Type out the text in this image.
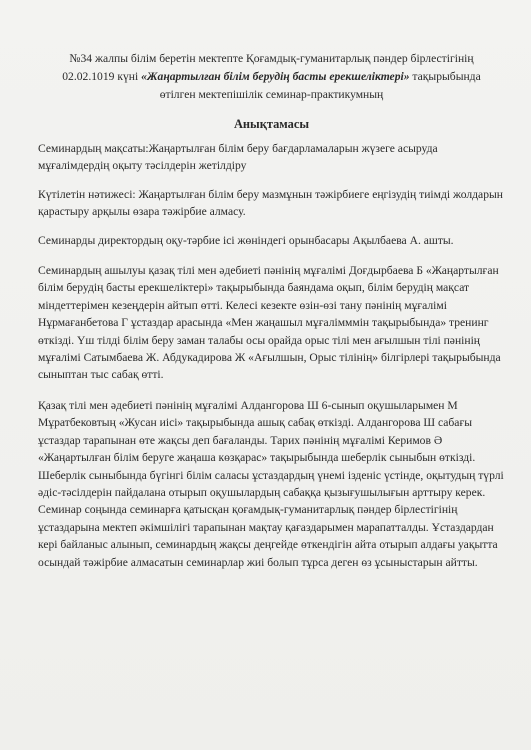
№34 жалпы білім беретін мектепте Қоғамдық-гуманитарлық пәндер бірлестігінің
02.02.1019 күні «Жаңартылған білім берудің басты ерекшеліктері» тақырыбында
өтілген мектепішілік семинар-практикумның
Анықтамасы

Семинардың мақсаты:Жаңартылған білім беру бағдарламаларын жүзеге асыруда мұғалімдердің оқыту тәсілдерін жетілдіру

Күтілетін нәтижесі: Жаңартылған білім беру мазмұнын тәжірбиеге еңгізудің тиімді жолдарын қарастыру арқылы өзара тәжірбие алмасу.

Семинарды директордың оқу-тәрбие ісі жөніндегі орынбасары Ақылбаева А. ашты.

Семинардың ашылуы қазақ тілі мен әдебиеті пәнінің мұғалімі Доғдырбаева Б «Жаңартылған білім берудің басты ерекшеліктері» тақырыбында баяндама оқып, білім берудің мақсат міндеттерімен кезеңдерін айтып өтті. Келесі кезекте өзін-өзі тану пәнінің мұғалімі Нұрмағанбетова Г ұстаздар арасында «Мен жаңашыл мұғалімммін тақырыбында» тренинг өткізді. Үш тілді білім беру заман талабы осы орайда орыс тілі мен ағылшын тілі пәнінің мұғалімі Сатымбаева Ж. Абдукадирова Ж «Ағылшын, Орыс тілінің» білгірлері тақырыбында сыныптан тыс сабақ өтті.

Қазақ тілі мен әдебиеті пәнінің мұғалімі Алдангорова Ш 6-сынып оқушыларымен М Мұратбековтың «Жусан иісі» тақырыбында ашық сабақ өткізді. Алдангорова Ш сабағы ұстаздар тарапынан өте жақсы деп бағаланды. Тарих пәнінің мұғалімі Керимов Ә «Жаңартылған білім беруге жаңаша көзқарас» тақырыбында шеберлік сыныбын өткізді. Шеберлік сыныбында бүгінгі білім саласы ұстаздардың үнемі ізденіс үстінде, оқытудың түрлі әдіс-тәсілдерін пайдалана отырып оқушылардың сабаққа қызығушылығын арттыру керек. Семинар соңында семинарға қатысқан қоғамдық-гуманитарлық пәндер бірлестігінің ұстаздарына мектеп әкімшілігі тарапынан мақтау қағаздарымен марапатталды. Ұстаздардан кері байланыс алынып, семинардың жақсы деңгейде өткендігін айта отырып алдағы уақытта осындай тәжірбие алмасатын семинарлар жиі болып тұрса деген өз ұсыныстарын айтты.
